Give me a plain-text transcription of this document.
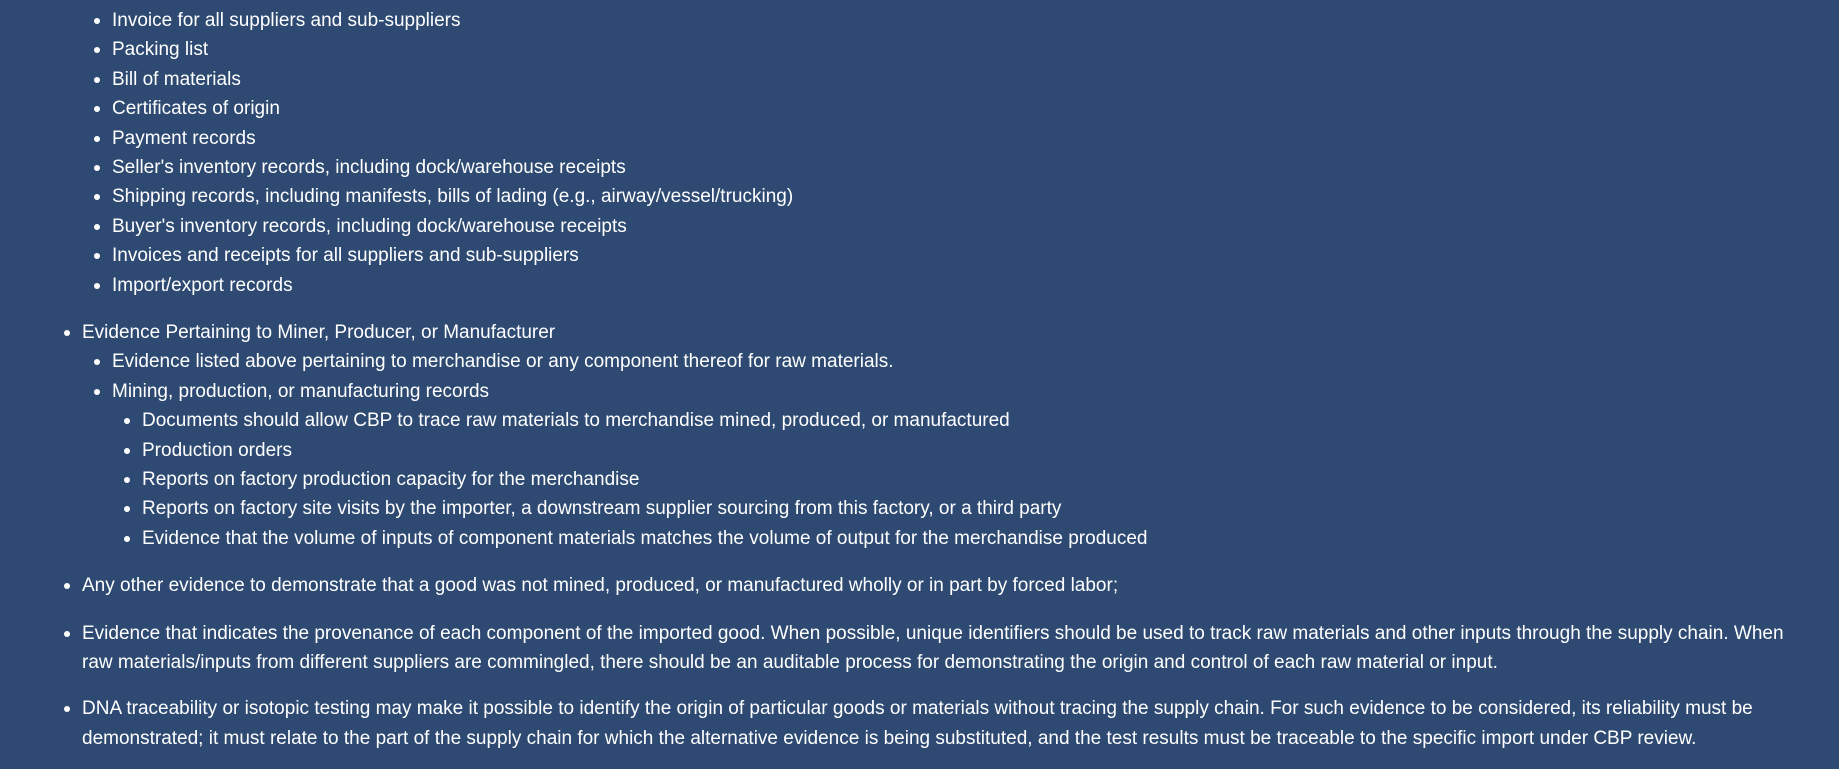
Invoice for all suppliers and sub-suppliers
Packing list
Bill of materials
Certificates of origin
Payment records
Seller's inventory records, including dock/warehouse receipts
Shipping records, including manifests, bills of lading (e.g., airway/vessel/trucking)
Buyer's inventory records, including dock/warehouse receipts
Invoices and receipts for all suppliers and sub-suppliers
Import/export records
Evidence Pertaining to Miner, Producer, or Manufacturer
Evidence listed above pertaining to merchandise or any component thereof for raw materials.
Mining, production, or manufacturing records
Documents should allow CBP to trace raw materials to merchandise mined, produced, or manufactured
Production orders
Reports on factory production capacity for the merchandise
Reports on factory site visits by the importer, a downstream supplier sourcing from this factory, or a third party
Evidence that the volume of inputs of component materials matches the volume of output for the merchandise produced
Any other evidence to demonstrate that a good was not mined, produced, or manufactured wholly or in part by forced labor;
Evidence that indicates the provenance of each component of the imported good. When possible, unique identifiers should be used to track raw materials and other inputs through the supply chain. When raw materials/inputs from different suppliers are commingled, there should be an auditable process for demonstrating the origin and control of each raw material or input.
DNA traceability or isotopic testing may make it possible to identify the origin of particular goods or materials without tracing the supply chain. For such evidence to be considered, its reliability must be demonstrated; it must relate to the part of the supply chain for which the alternative evidence is being substituted, and the test results must be traceable to the specific import under CBP review.
